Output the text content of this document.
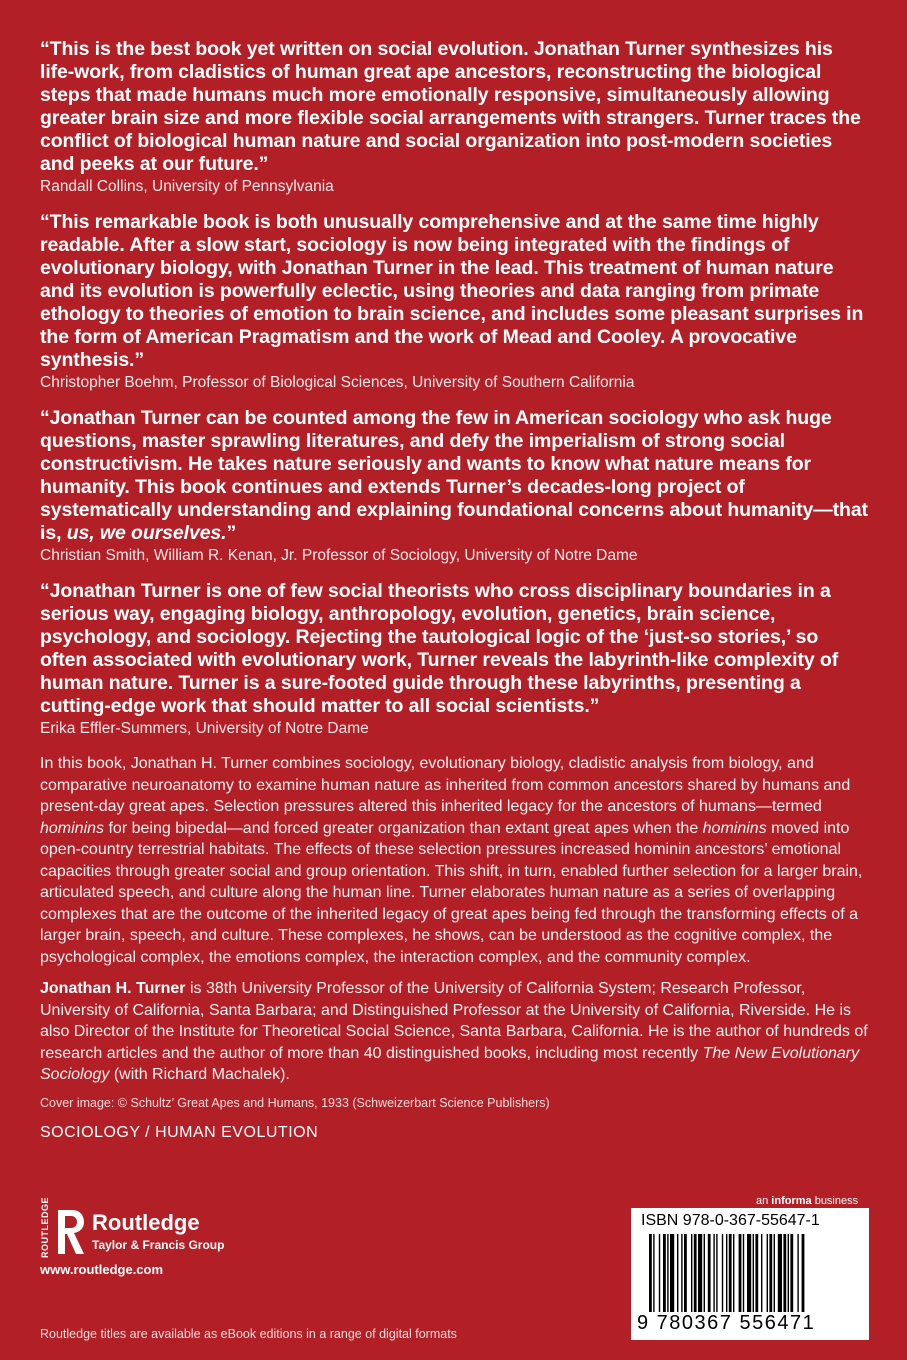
“This is the best book yet written on social evolution. Jonathan Turner synthesizes his life-work, from cladistics of human great ape ancestors, reconstructing the biological steps that made humans much more emotionally responsive, simultaneously allowing greater brain size and more flexible social arrangements with strangers. Turner traces the conflict of biological human nature and social organization into post-modern societies and peeks at our future.”

Randall Collins, University of Pennsylvania

“This remarkable book is both unusually comprehensive and at the same time highly readable. After a slow start, sociology is now being integrated with the findings of evolutionary biology, with Jonathan Turner in the lead. This treatment of human nature and its evolution is powerfully eclectic, using theories and data ranging from primate ethology to theories of emotion to brain science, and includes some pleasant surprises in the form of American Pragmatism and the work of Mead and Cooley. A provocative synthesis.”

Christopher Boehm, Professor of Biological Sciences, University of Southern California

“Jonathan Turner can be counted among the few in American sociology who ask huge questions, master sprawling literatures, and defy the imperialism of strong social constructivism. He takes nature seriously and wants to know what nature means for humanity. This book continues and extends Turner’s decades-long project of systematically understanding and explaining foundational concerns about humanity—that is, us, we ourselves.”

Christian Smith, William R. Kenan, Jr. Professor of Sociology, University of Notre Dame

“Jonathan Turner is one of few social theorists who cross disciplinary boundaries in a serious way, engaging biology, anthropology, evolution, genetics, brain science, psychology, and sociology. Rejecting the tautological logic of the ‘just-so stories,’ so often associated with evolutionary work, Turner reveals the labyrinth-like complexity of human nature. Turner is a sure-footed guide through these labyrinths, presenting a cutting-edge work that should matter to all social scientists.”

Erika Effler-Summers, University of Notre Dame

In this book, Jonathan H. Turner combines sociology, evolutionary biology, cladistic analysis from biology, and comparative neuroanatomy to examine human nature as inherited from common ancestors shared by humans and present-day great apes. Selection pressures altered this inherited legacy for the ancestors of humans—termed hominins for being bipedal—and forced greater organization than extant great apes when the hominins moved into open-country terrestrial habitats. The effects of these selection pressures increased hominin ancestors’ emotional capacities through greater social and group orientation. This shift, in turn, enabled further selection for a larger brain, articulated speech, and culture along the human line. Turner elaborates human nature as a series of overlapping complexes that are the outcome of the inherited legacy of great apes being fed through the transforming effects of a larger brain, speech, and culture. These complexes, he shows, can be understood as the cognitive complex, the psychological complex, the emotions complex, the interaction complex, and the community complex.

Jonathan H. Turner is 38th University Professor of the University of California System; Research Professor, University of California, Santa Barbara; and Distinguished Professor at the University of California, Riverside. He is also Director of the Institute for Theoretical Social Science, Santa Barbara, California. He is the author of hundreds of research articles and the author of more than 40 distinguished books, including most recently The New Evolutionary Sociology (with Richard Machalek).

Cover image: © Schultz’ Great Apes and Humans, 1933 (Schweizerbart Science Publishers)
SOCIOLOGY / HUMAN EVOLUTION
ROUTLEDGE Routledge
Taylor & Francis Group
www.routledge.com
Routledge titles are available as eBook editions in a range of digital formats
an informa business
ISBN 978-0-367-55647-1
9 780367 556471
